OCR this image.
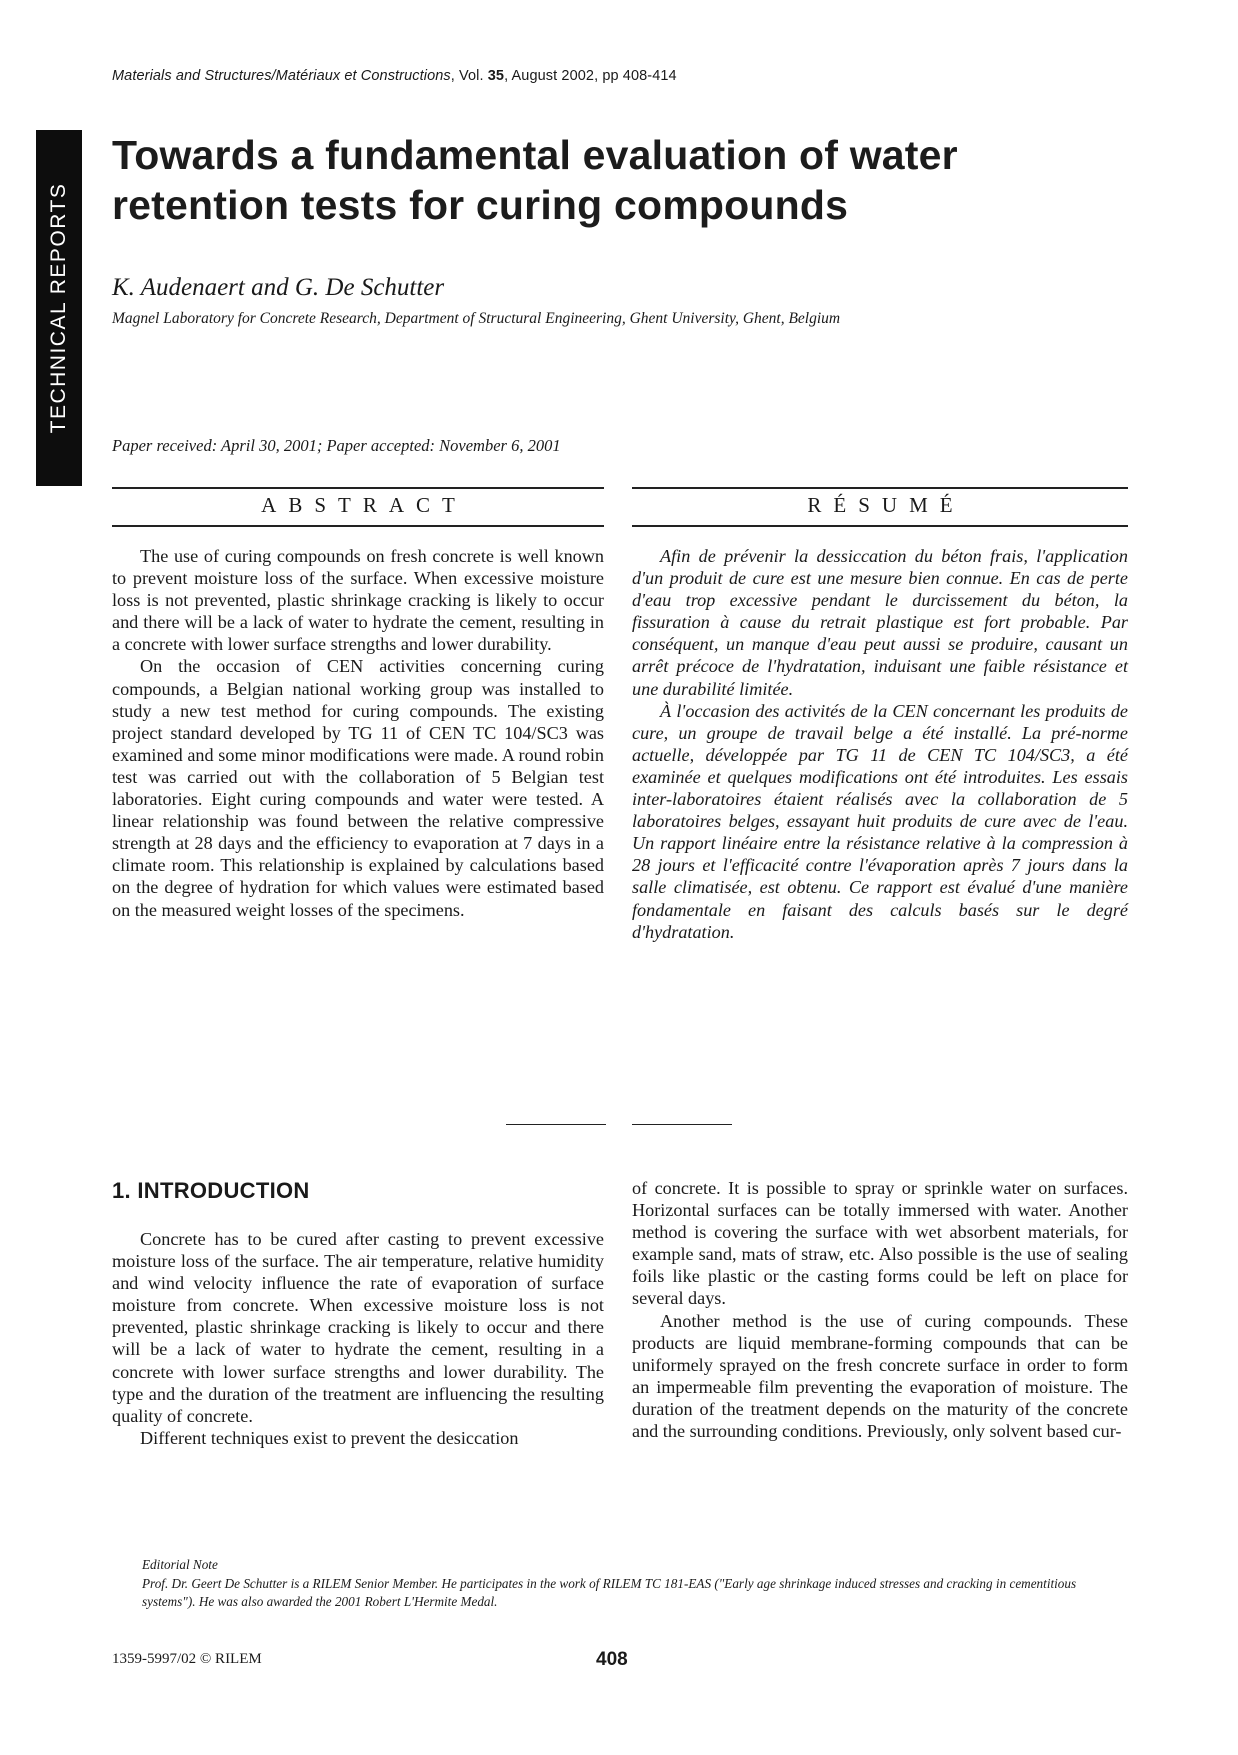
Materials and Structures/Matériaux et Constructions, Vol. 35, August 2002, pp 408-414
TECHNICAL REPORTS
Towards a fundamental evaluation of water retention tests for curing compounds
K. Audenaert and G. De Schutter
Magnel Laboratory for Concrete Research, Department of Structural Engineering, Ghent University, Ghent, Belgium
Paper received: April 30, 2001; Paper accepted: November 6, 2001
ABSTRACT	RÉSUMÉ

The use of curing compounds on fresh concrete is well known to prevent moisture loss of the surface. When excessive moisture loss is not prevented, plastic shrinkage cracking is likely to occur and there will be a lack of water to hydrate the cement, resulting in a concrete with lower surface strengths and lower durability.

On the occasion of CEN activities concerning curing compounds, a Belgian national working group was installed to study a new test method for curing compounds. The existing project standard developed by TG 11 of CEN TC 104/SC3 was examined and some minor modifications were made. A round robin test was carried out with the collaboration of 5 Belgian test laboratories. Eight curing compounds and water were tested. A linear relationship was found between the relative compressive strength at 28 days and the efficiency to evaporation at 7 days in a climate room. This relationship is explained by calculations based on the degree of hydration for which values were estimated based on the measured weight losses of the specimens.

Afin de prévenir la dessiccation du béton frais, l'application d'un produit de cure est une mesure bien connue. En cas de perte d'eau trop excessive pendant le durcissement du béton, la fissuration à cause du retrait plastique est fort probable. Par conséquent, un manque d'eau peut aussi se produire, causant un arrêt précoce de l'hydratation, induisant une faible résistance et une durabilité limitée.

À l'occasion des activités de la CEN concernant les produits de cure, un groupe de travail belge a été installé. La pré-norme actuelle, développée par TG 11 de CEN TC 104/SC3, a été examinée et quelques modifications ont été introduites. Les essais inter-laboratoires étaient réalisés avec la collaboration de 5 laboratoires belges, essayant huit produits de cure avec de l'eau. Un rapport linéaire entre la résistance relative à la compression à 28 jours et l'efficacité contre l'évaporation après 7 jours dans la salle climatisée, est obtenu. Ce rapport est évalué d'une manière fondamentale en faisant des calculs basés sur le degré d'hydratation.

1. INTRODUCTION

Concrete has to be cured after casting to prevent excessive moisture loss of the surface. The air temperature, relative humidity and wind velocity influence the rate of evaporation of surface moisture from concrete. When excessive moisture loss is not prevented, plastic shrinkage cracking is likely to occur and there will be a lack of water to hydrate the cement, resulting in a concrete with lower surface strengths and lower durability. The type and the duration of the treatment are influencing the resulting quality of concrete.

Different techniques exist to prevent the desiccation

of concrete. It is possible to spray or sprinkle water on surfaces. Horizontal surfaces can be totally immersed with water. Another method is covering the surface with wet absorbent materials, for example sand, mats of straw, etc. Also possible is the use of sealing foils like plastic or the casting forms could be left on place for several days.

Another method is the use of curing compounds. These products are liquid membrane-forming compounds that can be uniformely sprayed on the fresh concrete surface in order to form an impermeable film preventing the evaporation of moisture. The duration of the treatment depends on the maturity of the concrete and the surrounding conditions. Previously, only solvent based cur-

Editorial Note
Prof. Dr. Geert De Schutter is a RILEM Senior Member. He participates in the work of RILEM TC 181-EAS ("Early age shrinkage induced stresses and cracking in cementitious systems"). He was also awarded the 2001 Robert L'Hermite Medal.
1359-5997/02 © RILEM	408
